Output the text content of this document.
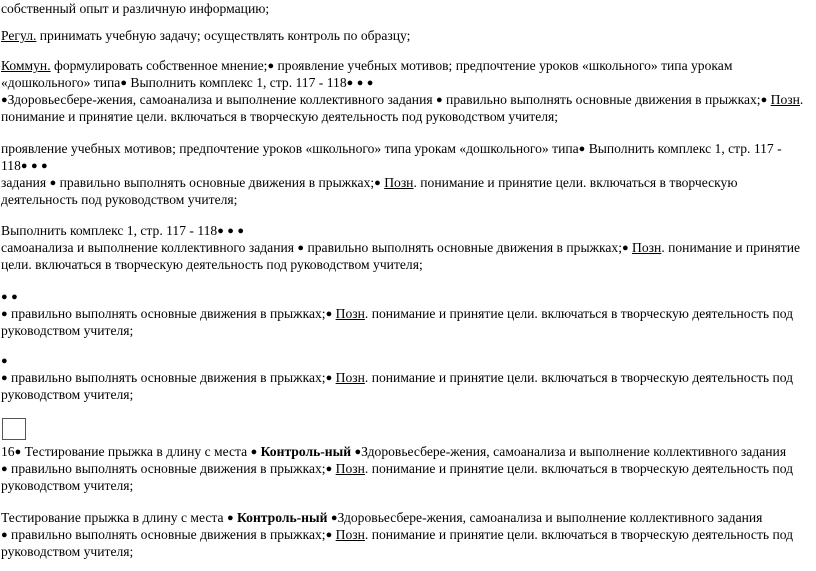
собственный опыт и различную информацию;
Регул. принимать учебную задачу; осуществлять контроль по образцу;
Коммун. формулировать собственное мнение;● проявление учебных мотивов; предпочтение уроков «школьного» типа урокам
«дошкольного» типа● Выполнить комплекс 1, стр. 117 - 118● ● ●
●Здоровьесбере-жения, самоанализа и выполнение коллективного задания ● правильно выполнять основные движения в прыжках;● Позн.
понимание и принятие цели. включаться в творческую деятельность под руководством учителя;
проявление учебных мотивов; предпочтение уроков «школьного» типа урокам «дошкольного» типа● Выполнить комплекс 1, стр. 117 -
118● ● ●
задания ● правильно выполнять основные движения в прыжках;● Позн. понимание и принятие цели. включаться в творческую
деятельность под руководством учителя;
Выполнить комплекс 1, стр. 117 - 118● ● ●
самоанализа и выполнение коллективного задания ● правильно выполнять основные движения в прыжках;● Позн. понимание и принятие
цели. включаться в творческую деятельность под руководством учителя;
● ●
● правильно выполнять основные движения в прыжках;● Позн. понимание и принятие цели. включаться в творческую деятельность под
руководством учителя;
●
● правильно выполнять основные движения в прыжках;● Позн. понимание и принятие цели. включаться в творческую деятельность под
руководством учителя;
16● Тестирование прыжка в длину с места ● Контроль-ный ●Здоровьесбере-жения, самоанализа и выполнение коллективного задания
● правильно выполнять основные движения в прыжках;● Позн. понимание и принятие цели. включаться в творческую деятельность под
руководством учителя;
Тестирование прыжка в длину с места ● Контроль-ный ●Здоровьесбере-жения, самоанализа и выполнение коллективного задания
● правильно выполнять основные движения в прыжках;● Позн. понимание и принятие цели. включаться в творческую деятельность под
руководством учителя;
